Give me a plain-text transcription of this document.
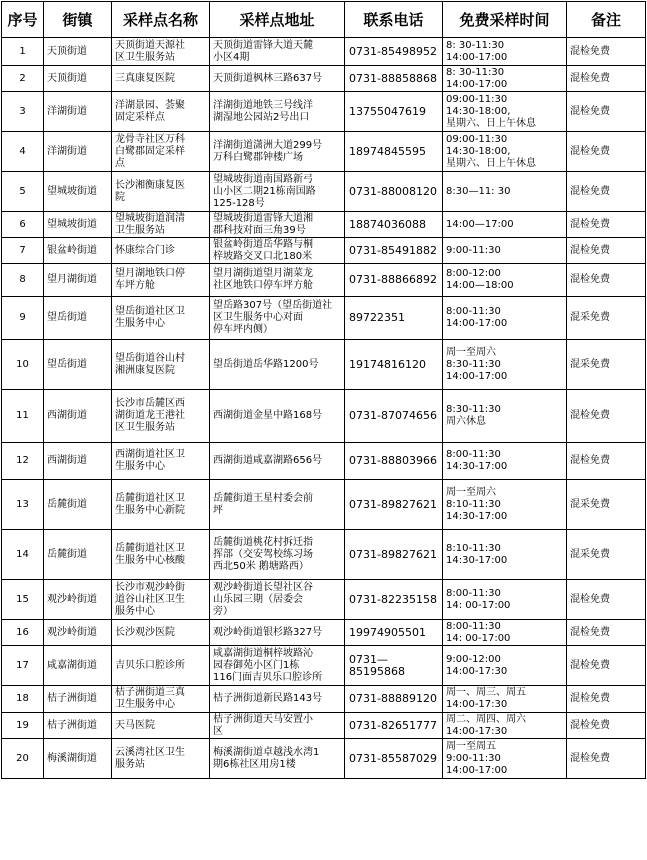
序号	街镇	采样点名称	采样点地址	联系电话	免费采样时间	备注
1	天顶街道	天顶街道天源社
区卫生服务站	天顶街道雷锋大道天麓
小区4期	0731-85498952	8: 30-11:30
14:00-17:00	混检免费
2	天顶街道	三真康复医院	天顶街道枫林三路637号	0731-88858868	8: 30-11:30
14:00-17:00	混检免费
3	洋湖街道	洋湖景园、荟聚
固定采样点	洋湖街道地铁三号线洋
湖湿地公园站2号出口	13755047619	09:00-11:30
14:30-18:00,
星期六、日上午休息	混检免费
4	洋湖街道	龙骨寺社区万科
白鹭郡固定采样
点	洋湖街道潇洲大道299号
万科白鹭郡钟楼广场	18974845595	09:00-11:30
14:30-18:00,
星期六、日上午休息	混检免费
5	望城坡街道	长沙湘衡康复医
院	望城坡街道南国路新弓
山小区二期21栋南国路
125-128号	0731-88008120	8:30—11: 30	混检免费
6	望城坡街道	望城坡街道润清
卫生服务站	望城坡街道雷锋大道湘
郡科技对面三角39号	18874036088	14:00—17:00	混检免费
7	银盆岭街道	怀康综合门诊	银盆岭街道岳华路与桐
梓坡路交叉口北180米	0731-85491882	9:00-11:30	混检免费
8	望月湖街道	望月湖地铁口停
车坪方舱	望月湖街道望月湖菜龙
社区地铁口停车坪方舱	0731-88866892	8:00-12:00
14:00—18:00	混检免费
9	望岳街道	望岳街道社区卫
生服务中心	望岳路307号（望岳街道社
区卫生服务中心对面
停车坪内侧）	89722351	8:00-11:30
14:00-17:00	混采免费
10	望岳街道	望岳街道谷山村
湘洲康复医院	望岳街道岳华路1200号	19174816120	周一至周六
8:30-11:30
14:00-17:00	混采免费
11	西湖街道	长沙市岳麓区西
湖街道龙王港社
区卫生服务站	西湖街道金星中路168号	0731-87074656	8:30-11:30
周六休息	混检免费
12	西湖街道	西湖街道社区卫
生服务中心	西湖街道咸嘉湖路656号	0731-88803966	8:00-11:30
14:30-17:00	混检免费
13	岳麓街道	岳麓街道社区卫
生服务中心新院	岳麓街道王星村委会前
坪	0731-89827621	周一至周六
8:10-11:30
14:30-17:00	混采免费
14	岳麓街道	岳麓街道社区卫
生服务中心核酸	岳麓街道桃花村拆迁指
挥部（交安驾校练习场
西北50米 鹅塘路西）	0731-89827621	8:10-11:30
14:30-17:00	混采免费
15	观沙岭街道	长沙市观沙岭街
道谷山社区卫生
服务中心	观沙岭街道长望社区谷
山乐园三期（居委会
旁）	0731-82235158	8:00-11:30
14: 00-17:00	混检免费
16	观沙岭街道	长沙观沙医院	观沙岭街道银杉路327号	19974905501	8:00-11:30
14: 00-17:00	混检免费
17	咸嘉湖街道	吉贝乐口腔诊所	咸嘉湖街道桐梓坡路沁
园春御苑小区门1栋
116门面吉贝乐口腔诊所	0731—85195868	9:00-12:00
14:00-17:30	混检免费
18	桔子洲街道	桔子洲街道三真
卫生服务中心	桔子洲街道新民路143号	0731-88889120	周一、周三、周五
14:00-17:30	混检免费
19	桔子洲街道	天马医院	桔子洲街道天马安置小
区	0731-82651777	周二、周四、周六
14:00-17:30	混检免费
20	梅溪湖街道	云溪湾社区卫生
服务站	梅溪湖街道卓越浅水湾1
期6栋社区用房1楼	0731-85587029	周一至周五
9:00-11:30
14:00-17:00	混检免费
